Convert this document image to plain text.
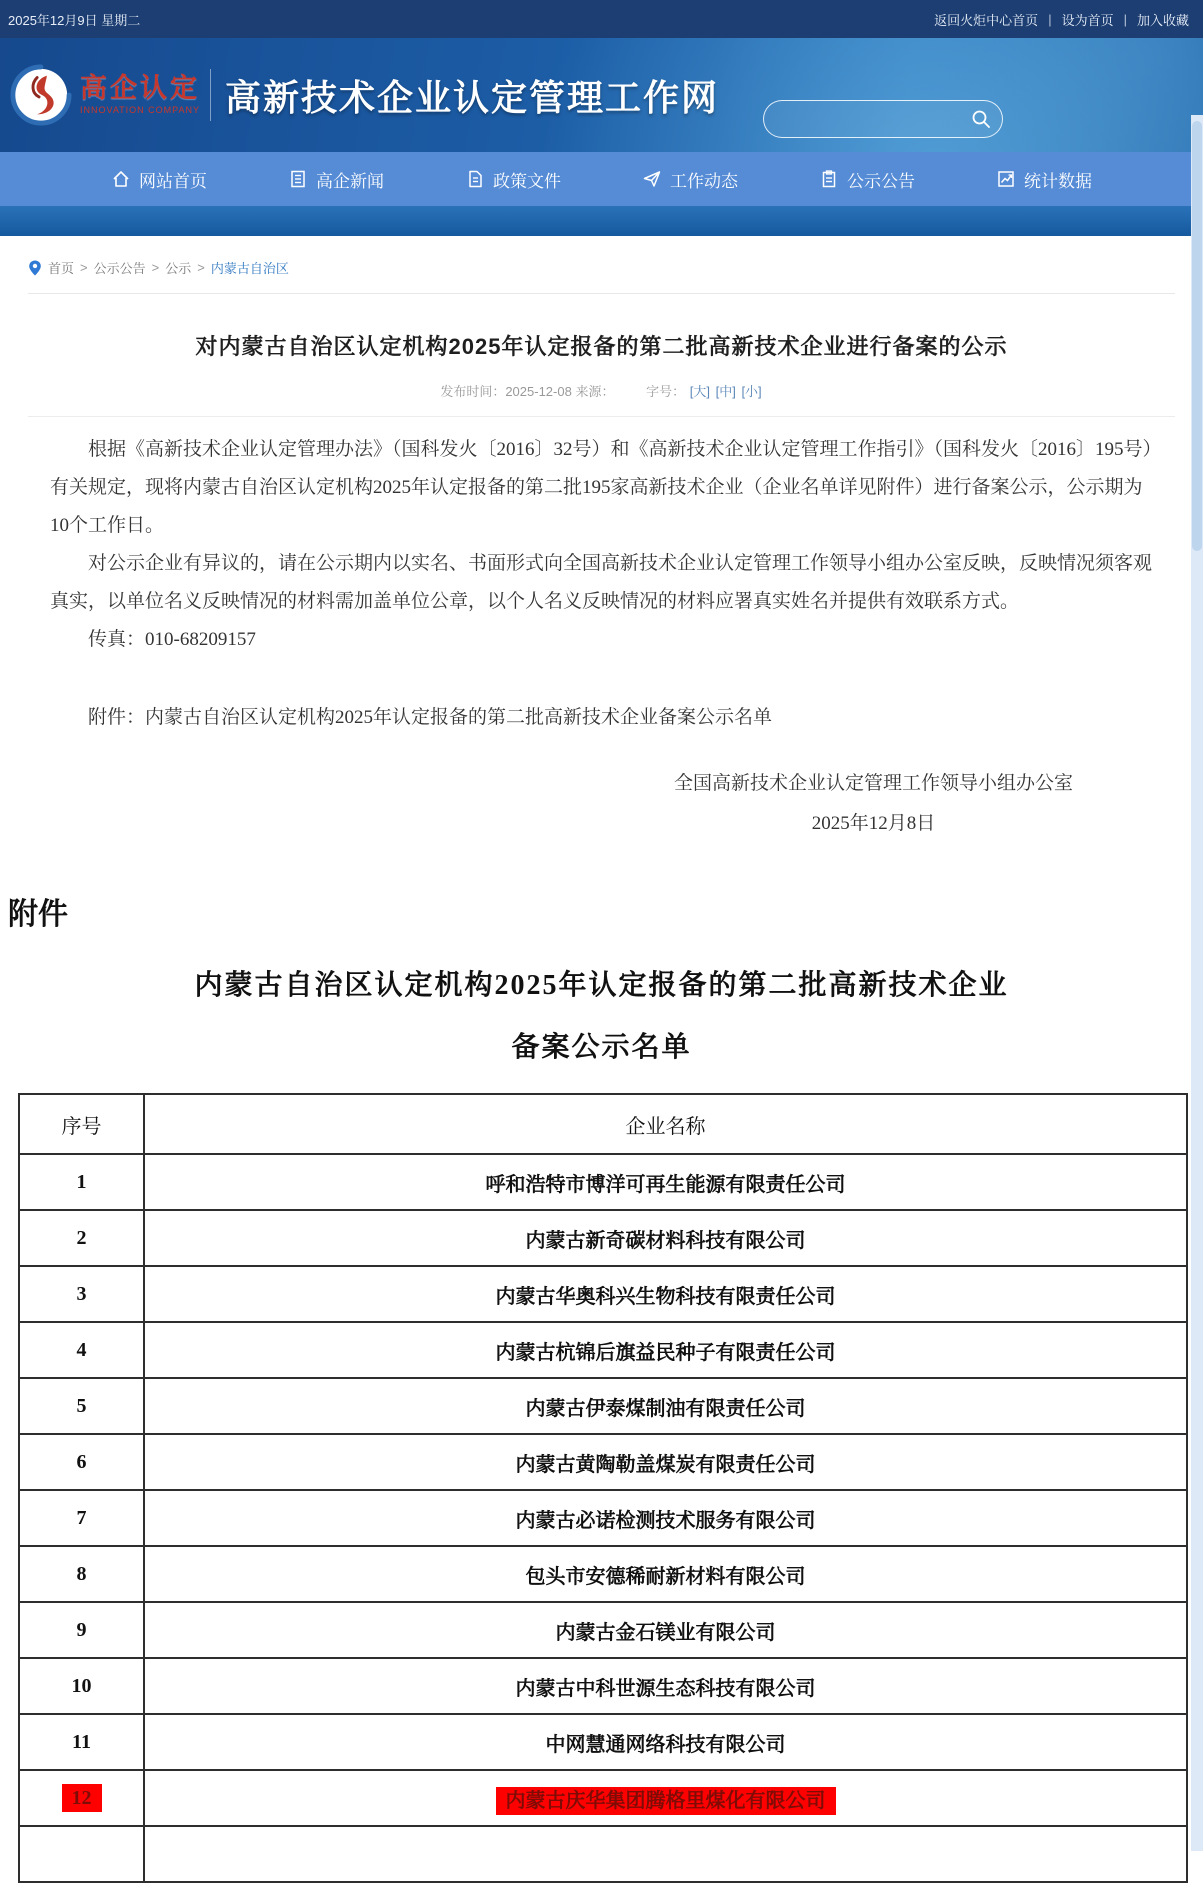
2025年12月9日 星期二	返回火炬中心首页 | 设为首页 | 加入收藏
高企认定
INNOVATION COMPANY 高新技术企业认定管理工作网
网站首页	高企新闻	政策文件	工作动态	公示公告	统计数据
首页 > 公示公告 > 公示 > 内蒙古自治区
对内蒙古自治区认定机构2025年认定报备的第二批高新技术企业进行备案的公示
发布时间：2025-12-08 来源： 字号： [大] [中] [小]

根据《高新技术企业认定管理办法》（国科发火〔2016〕32号）和《高新技术企业认定管理工作指引》（国科发火〔2016〕195号）有关规定，现将内蒙古自治区认定机构2025年认定报备的第二批195家高新技术企业（企业名单详见附件）进行备案公示，公示期为10个工作日。

对公示企业有异议的，请在公示期内以实名、书面形式向全国高新技术企业认定管理工作领导小组办公室反映，反映情况须客观真实，以单位名义反映情况的材料需加盖单位公章，以个人名义反映情况的材料应署真实姓名并提供有效联系方式。

传真：010-68209157

附件：内蒙古自治区认定机构2025年认定报备的第二批高新技术企业备案公示名单

全国高新技术企业认定管理工作领导小组办公室
2025年12月8日
附件
内蒙古自治区认定机构2025年认定报备的第二批高新技术企业
备案公示名单
序号	企业名称
1	呼和浩特市博洋可再生能源有限责任公司
2	内蒙古新奇碳材料科技有限公司
3	内蒙古华奥科兴生物科技有限责任公司
4	内蒙古杭锦后旗益民种子有限责任公司
5	内蒙古伊泰煤制油有限责任公司
6	内蒙古黄陶勒盖煤炭有限责任公司
7	内蒙古必诺检测技术服务有限公司
8	包头市安德稀耐新材料有限公司
9	内蒙古金石镁业有限公司
10	内蒙古中科世源生态科技有限公司
11	中网慧通网络科技有限公司
12	内蒙古庆华集团腾格里煤化有限公司
